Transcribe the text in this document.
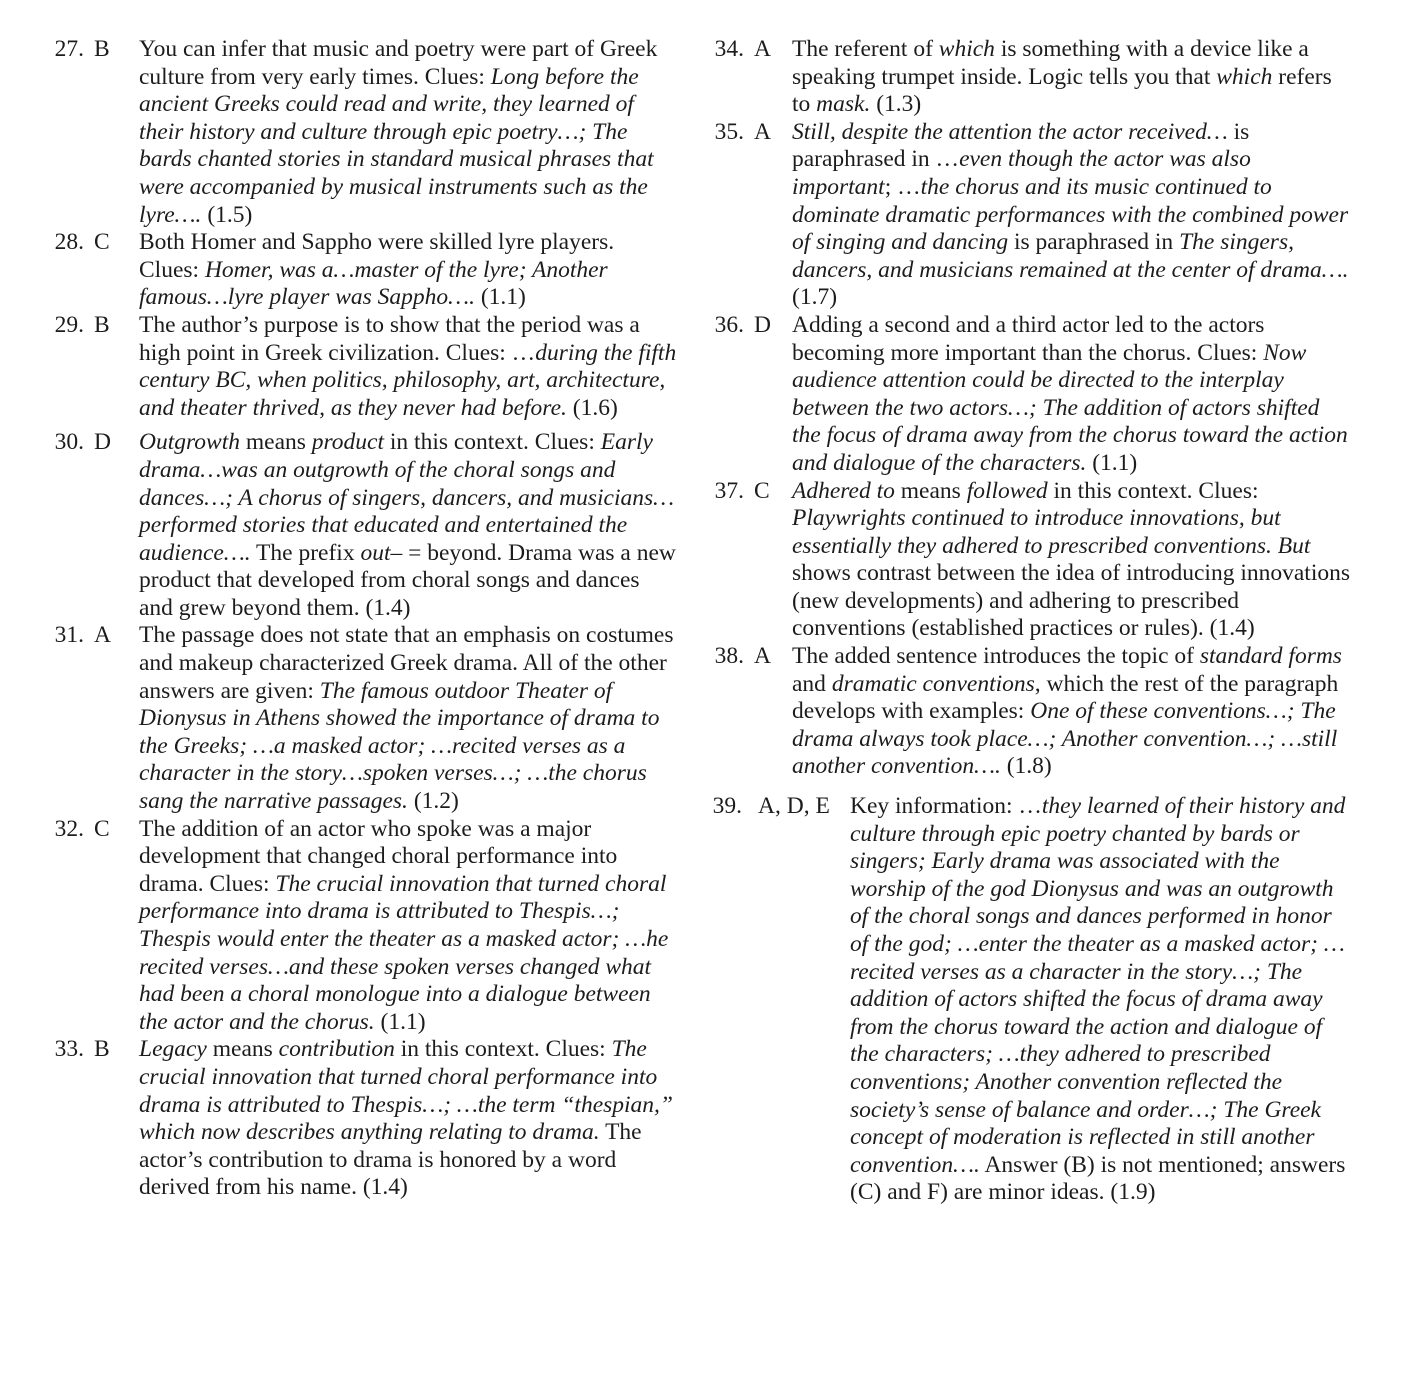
27. B	You can infer that music and poetry were part of Greek culture from very early times. Clues: Long before the ancient Greeks could read and write, they learned of their history and culture through epic poetry…; The bards chanted stories in standard musical phrases that were accompanied by musical instruments such as the lyre…. (1.5)
28. C	Both Homer and Sappho were skilled lyre players. Clues: Homer, was a…master of the lyre; Another famous…lyre player was Sappho…. (1.1)
29. B	The author’s purpose is to show that the period was a high point in Greek civilization. Clues: …during the fifth century BC, when politics, philosophy, art, architecture, and theater thrived, as they never had before. (1.6)
30. D	Outgrowth means product in this context. Clues: Early drama…was an outgrowth of the choral songs and dances…; A chorus of singers, dancers, and musicians…performed stories that educated and entertained the audience…. The prefix out– = beyond. Drama was a new product that developed from choral songs and dances and grew beyond them. (1.4)
31. A	The passage does not state that an emphasis on costumes and makeup characterized Greek drama. All of the other answers are given: The famous outdoor Theater of Dionysus in Athens showed the importance of drama to the Greeks; …a masked actor; …recited verses as a character in the story…spoken verses…; …the chorus sang the narrative passages. (1.2)
32. C	The addition of an actor who spoke was a major development that changed choral performance into drama. Clues: The crucial innovation that turned choral performance into drama is attributed to Thespis…; Thespis would enter the theater as a masked actor; …he recited verses…and these spoken verses changed what had been a choral monologue into a dialogue between the actor and the chorus. (1.1)
33. B	Legacy means contribution in this context. Clues: The crucial innovation that turned choral performance into drama is attributed to Thespis…; …the term “thespian,” which now describes anything relating to drama. The actor’s contribution to drama is honored by a word derived from his name. (1.4)
34. A The referent of which is something with a device like a speaking trumpet inside. Logic tells you that which refers to mask. (1.3)
35. A Still, despite the attention the actor received… is paraphrased in …even though the actor was also important; …the chorus and its music continued to dominate dramatic performances with the combined power of singing and dancing is paraphrased in The singers, dancers, and musicians remained at the center of drama…. (1.7)
36. D Adding a second and a third actor led to the actors becoming more important than the chorus. Clues: Now audience attention could be directed to the interplay between the two actors…; The addition of actors shifted the focus of drama away from the chorus toward the action and dialogue of the characters. (1.1)
37. C Adhered to means followed in this context. Clues: Playwrights continued to introduce innovations, but essentially they adhered to prescribed conventions. But shows contrast between the idea of introducing innovations (new developments) and adhering to prescribed conventions (established practices or rules). (1.4)
38. A The added sentence introduces the topic of standard forms and dramatic conventions, which the rest of the paragraph develops with examples: One of these conventions…; The drama always took place…; Another convention…; …still another convention…. (1.8)
39. A, D, E Key information: …they learned of their history and culture through epic poetry chanted by bards or singers; Early drama was associated with the worship of the god Dionysus and was an outgrowth of the choral songs and dances performed in honor of the god; …enter the theater as a masked actor; …recited verses as a character in the story…; The addition of actors shifted the focus of drama away from the chorus toward the action and dialogue of the characters; …they adhered to prescribed conventions; Another convention reflected the society’s sense of balance and order…; The Greek concept of moderation is reflected in still another convention…. Answer (B) is not mentioned; answers (C) and F) are minor ideas. (1.9)
